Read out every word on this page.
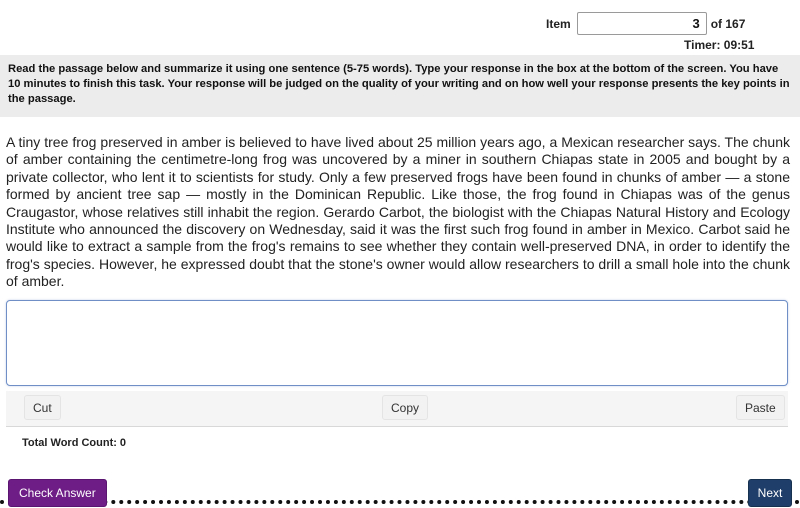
Item
3	of 167
Timer: 09:51
Read the passage below and summarize it using one sentence (5-75 words). Type your response in the box at the bottom of the screen. You have 10 minutes to finish this task. Your response will be judged on the quality of your writing and on how well your response presents the key points in the passage.

A tiny tree frog preserved in amber is believed to have lived about 25 million years ago, a Mexican researcher says. The chunk of amber containing the centimetre-long frog was uncovered by a miner in southern Chiapas state in 2005 and bought by a private collector, who lent it to scientists for study. Only a few preserved frogs have been found in chunks of amber — a stone formed by ancient tree sap — mostly in the Dominican Republic. Like those, the frog found in Chiapas was of the genus Craugastor, whose relatives still inhabit the region. Gerardo Carbot, the biologist with the Chiapas Natural History and Ecology Institute who announced the discovery on Wednesday, said it was the first such frog found in amber in Mexico. Carbot said he would like to extract a sample from the frog's remains to see whether they contain well-preserved DNA, in order to identify the frog's species. However, he expressed doubt that the stone's owner would allow researchers to drill a small hole into the chunk of amber.

Cut	Copy	Paste
Total Word Count: 0
Check Answer	Next
